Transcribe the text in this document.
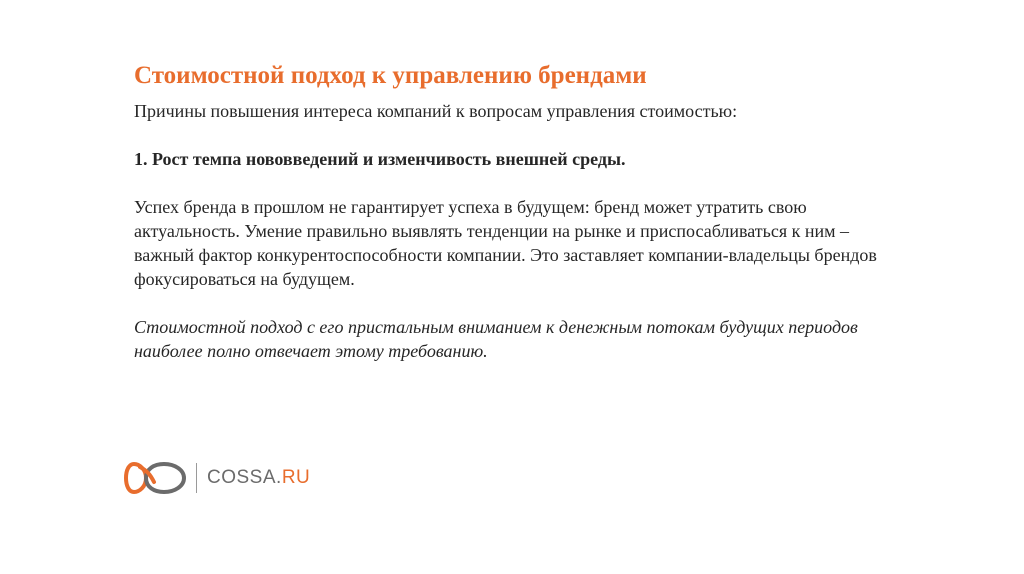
Стоимостной подход к управлению брендами

Причины повышения интереса компаний к вопросам управления стоимостью:

1. Рост темпа нововведений и изменчивость внешней среды.

Успех бренда в прошлом не гарантирует успеха в будущем: бренд может утратить свою актуальность. Умение правильно выявлять тенденции на рынке и приспосабливаться к ним – важный фактор конкурентоспособности компании. Это заставляет компании-владельцы брендов фокусироваться на будущем.

Стоимостной подход с его пристальным вниманием к денежным потокам будущих периодов наиболее полно отвечает этому требованию.

COSSA.RU
